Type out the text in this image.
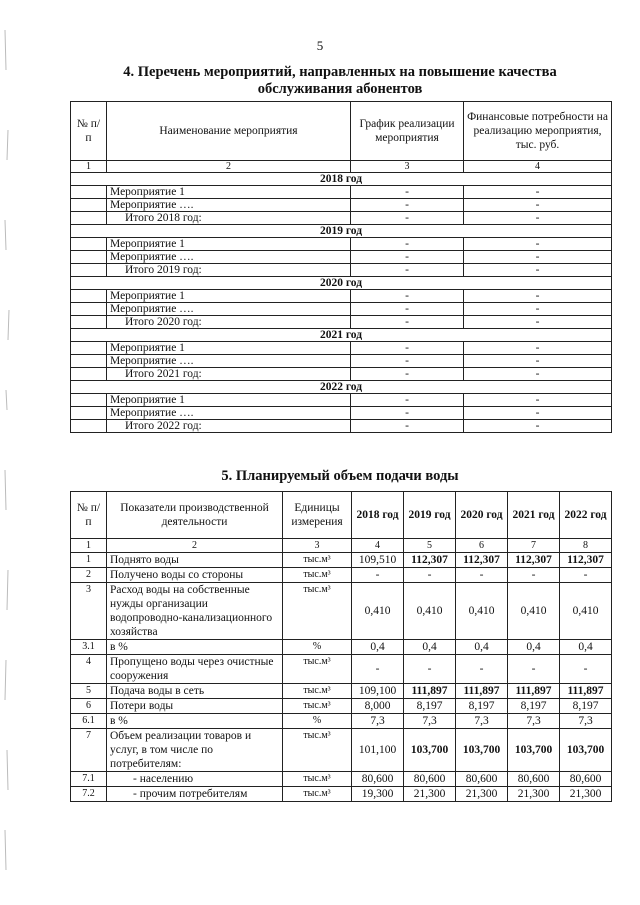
5
4. Перечень мероприятий, направленных на повышение качества
обслуживания абонентов
№ п/п	Наименование мероприятия	График реализации мероприятия	Финансовые потребности на реализацию мероприятия, тыс. руб.
1	2	3	4
2018 год			
	Мероприятие 1	-	-
	Мероприятие ….	-	-
	Итого 2018 год:	-	-
2019 год			
	Мероприятие 1	-	-
	Мероприятие ….	-	-
	Итого 2019 год:	-	-
2020 год			
	Мероприятие 1	-	-
	Мероприятие ….	-	-
	Итого 2020 год:	-	-
2021 год			
	Мероприятие 1	-	-
	Мероприятие ….	-	-
	Итого 2021 год:	-	-
2022 год			
	Мероприятие 1	-	-
	Мероприятие ….	-	-
	Итого 2022 год:	-	-
5. Планируемый объем подачи воды
№ п/п	Показатели производственной деятельности	Единицы измерения	2018 год	2019 год	2020 год	2021 год	2022 год
1	2	3	4	5	6	7	8
1	Поднято воды	тыс.м³	109,510	112,307	112,307	112,307	112,307
2	Получено воды со стороны	тыс.м³	-	-	-	-	-
3	Расход воды на собственные нужды организации водопроводно-канализационного хозяйства	тыс.м³	0,410	0,410	0,410	0,410	0,410
3.1	в %	%	0,4	0,4	0,4	0,4	0,4
4	Пропущено воды через очистные сооружения	тыс.м³	-	-	-	-	-
5	Подача воды в сеть	тыс.м³	109,100	111,897	111,897	111,897	111,897
6	Потери воды	тыс.м³	8,000	8,197	8,197	8,197	8,197
6.1	в %	%	7,3	7,3	7,3	7,3	7,3
7	Объем реализации товаров и услуг, в том числе по потребителям:	тыс.м³	101,100	103,700	103,700	103,700	103,700
7.1	- населению	тыс.м³	80,600	80,600	80,600	80,600	80,600
7.2	- прочим потребителям	тыс.м³	19,300	21,300	21,300	21,300	21,300
